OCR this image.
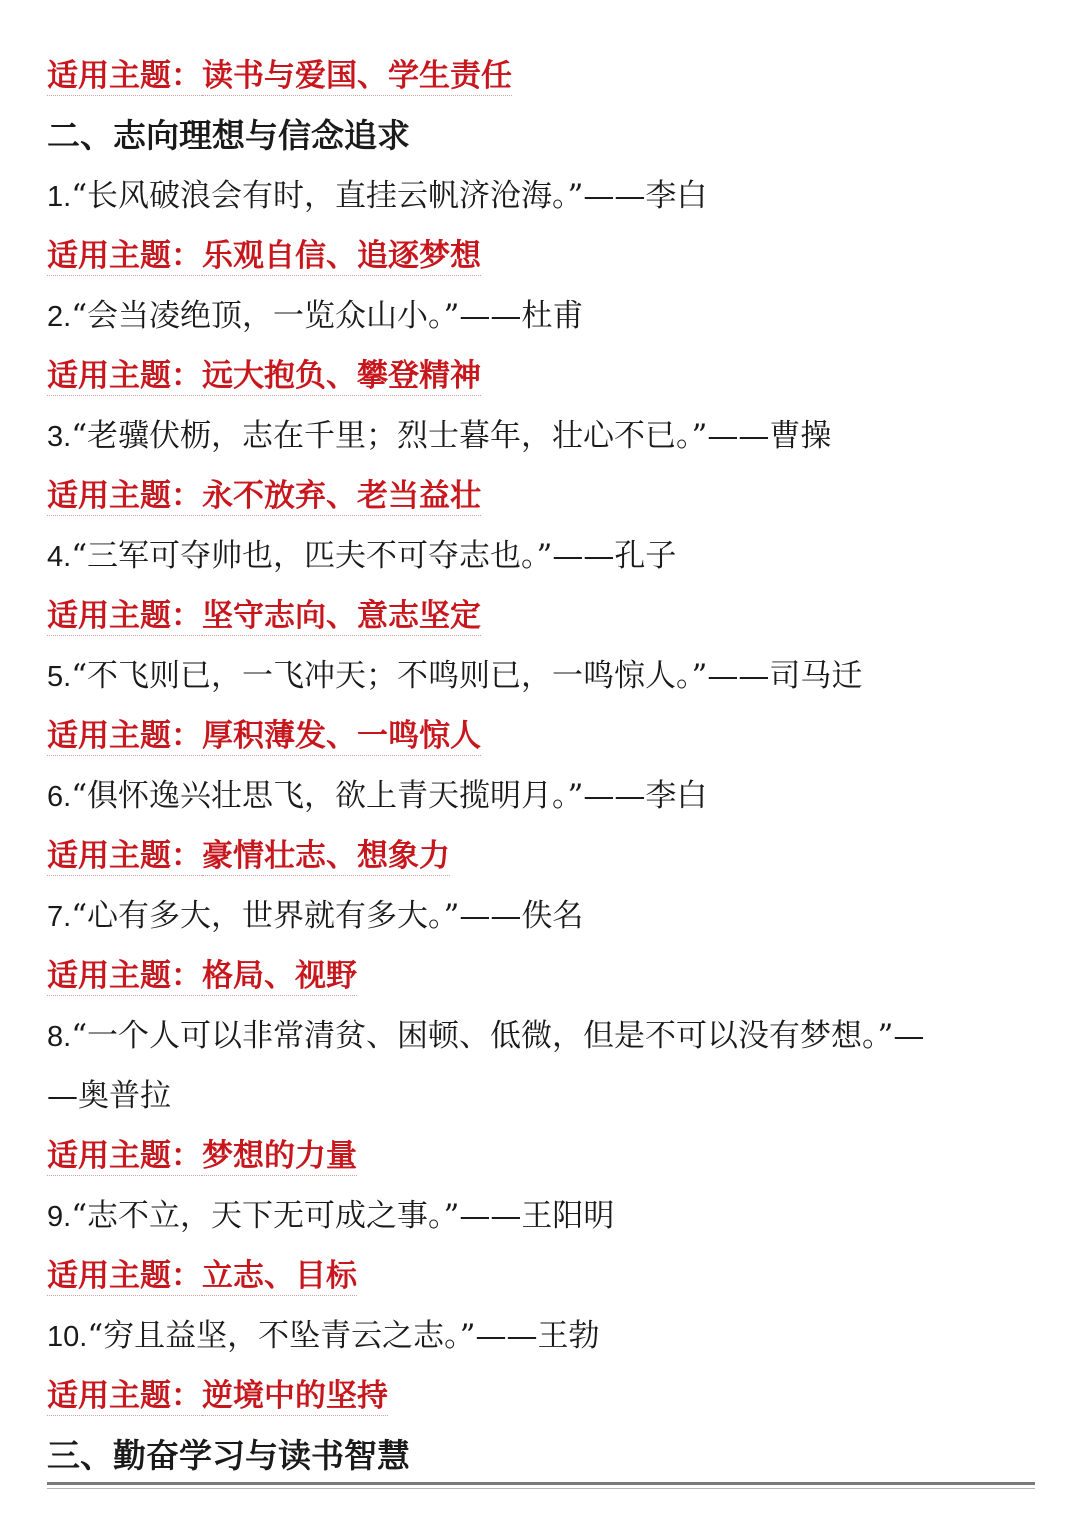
适用主题：读书与爱国、学生责任
二、志向理想与信念追求
1.“长风破浪会有时，直挂云帆济沧海。”——李白
适用主题：乐观自信、追逐梦想
2.“会当凌绝顶，一览众山小。”——杜甫
适用主题：远大抱负、攀登精神
3.“老骥伏枥，志在千里；烈士暮年，壮心不已。”——曹操
适用主题：永不放弃、老当益壮
4.“三军可夺帅也，匹夫不可夺志也。”——孔子
适用主题：坚守志向、意志坚定
5.“不飞则已，一飞冲天；不鸣则已，一鸣惊人。”——司马迁
适用主题：厚积薄发、一鸣惊人
6.“俱怀逸兴壮思飞，欲上青天揽明月。”——李白
适用主题：豪情壮志、想象力
7.“心有多大，世界就有多大。”——佚名
适用主题：格局、视野
8.“一个人可以非常清贫、困顿、低微，但是不可以没有梦想。”—
—奥普拉
适用主题：梦想的力量
9.“志不立，天下无可成之事。”——王阳明
适用主题：立志、目标
10.“穷且益坚，不坠青云之志。”——王勃
适用主题：逆境中的坚持
三、勤奋学习与读书智慧
